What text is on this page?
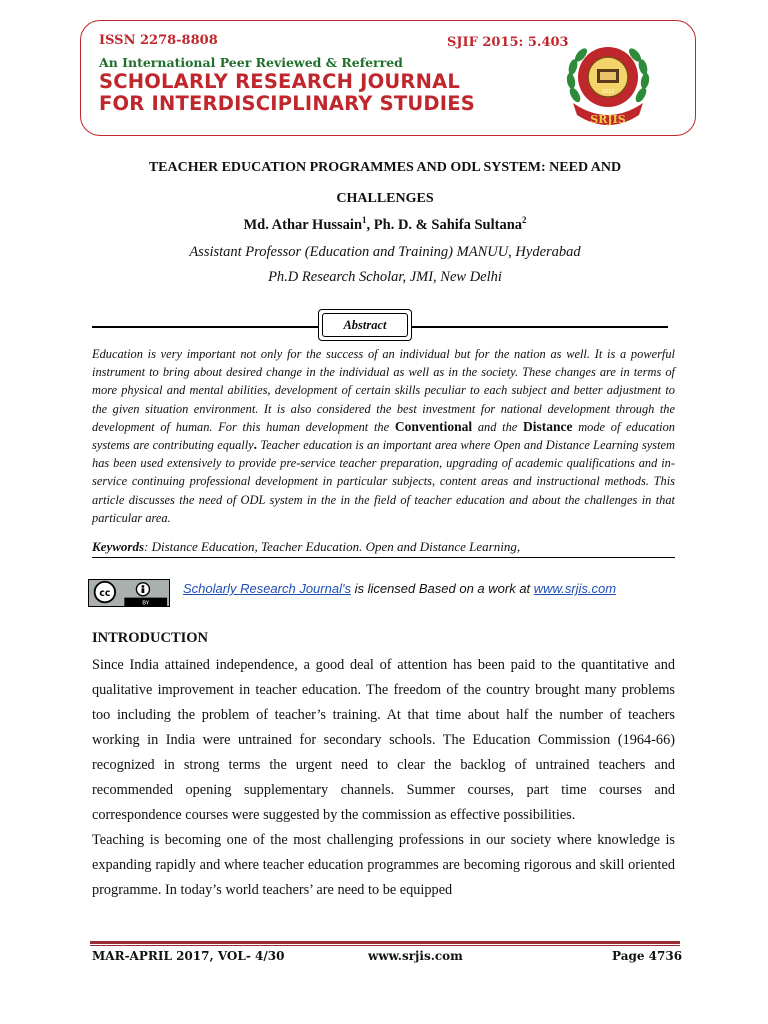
ISSN 2278-8808	SJIF 2015: 5.403
An International Peer Reviewed & Referred
SCHOLARLY RESEARCH JOURNAL
FOR INTERDISCIPLINARY STUDIES	2012
SRJIS
TEACHER EDUCATION PROGRAMMES AND ODL SYSTEM: NEED AND
CHALLENGES
Md. Athar Hussain$^1$, Ph. D. & Sahifa Sultana$^2$
Assistant Professor (Education and Training) MANUU, Hyderabad
Ph.D Research Scholar, JMI, New Delhi
Abstract
Education is very important not only for the success of an individual but for the nation as well. It is a powerful instrument to bring about desired change in the individual as well as in the society. These changes are in terms of more physical and mental abilities, development of certain skills peculiar to each subject and better adjustment to the given situation environment. It is also considered the best investment for national development through the development of human. For this human development the Conventional and the Distance mode of education systems are contributing equally. Teacher education is an important area where Open and Distance Learning system has been used extensively to provide pre-service teacher preparation, upgrading of academic qualifications and in-service continuing professional development in particular subjects, content areas and instructional methods. This article discusses the need of ODL system in the in the field of teacher education and about the challenges in that particular area.
Keywords: Distance Education, Teacher Education. Open and Distance Learning,
cc
BY
Scholarly Research Journal's is licensed Based on a work at www.srjis.com
INTRODUCTION

Since India attained independence, a good deal of attention has been paid to the quantitative and qualitative improvement in teacher education. The freedom of the country brought many problems too including the problem of teacher’s training. At that time about half the number of teachers working in India were untrained for secondary schools. The Education Commission (1964-66) recognized in strong terms the urgent need to clear the backlog of untrained teachers and recommended opening supplementary channels. Summer courses, part time courses and correspondence courses were suggested by the commission as effective possibilities.

Teaching is becoming one of the most challenging professions in our society where knowledge is expanding rapidly and where teacher education programmes are becoming rigorous and skill oriented programme. In today’s world teachers’ are need to be equipped

MAR-APRIL 2017, VOL- 4/30	www.srjis.com	Page 4736
